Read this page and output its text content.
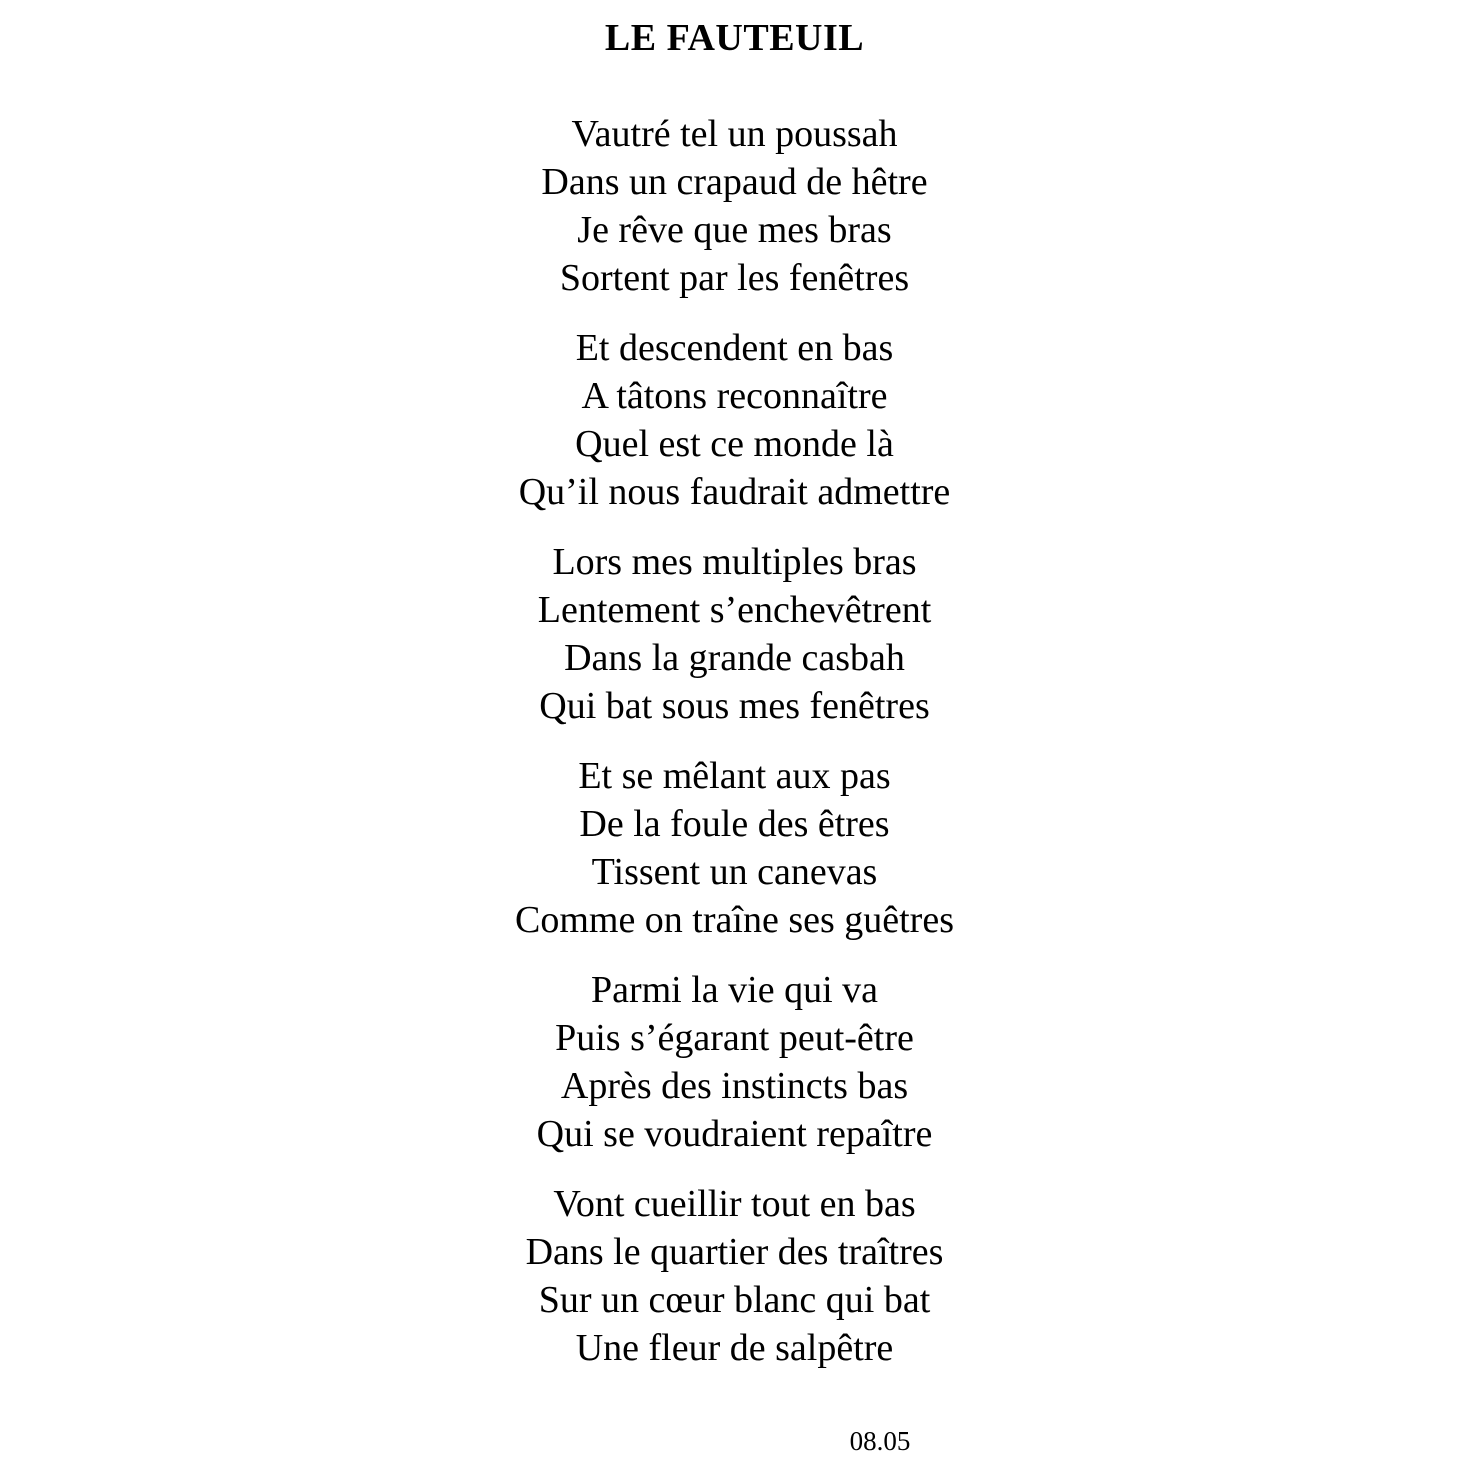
LE FAUTEUIL
Vautré tel un poussah
Dans un crapaud de hêtre
Je rêve que mes bras
Sortent par les fenêtres
Et descendent en bas
A tâtons reconnaître
Quel est ce monde là
Qu’il nous faudrait admettre
Lors mes multiples bras
Lentement s’enchevêtrent
Dans la grande casbah
Qui bat sous mes fenêtres
Et se mêlant aux pas
De la foule des êtres
Tissent un canevas
Comme on traîne ses guêtres
Parmi la vie qui va
Puis s’égarant peut-être
Après des instincts bas
Qui se voudraient repaître
Vont cueillir tout en bas
Dans le quartier des traîtres
Sur un cœur blanc qui bat
Une fleur de salpêtre
08.05
